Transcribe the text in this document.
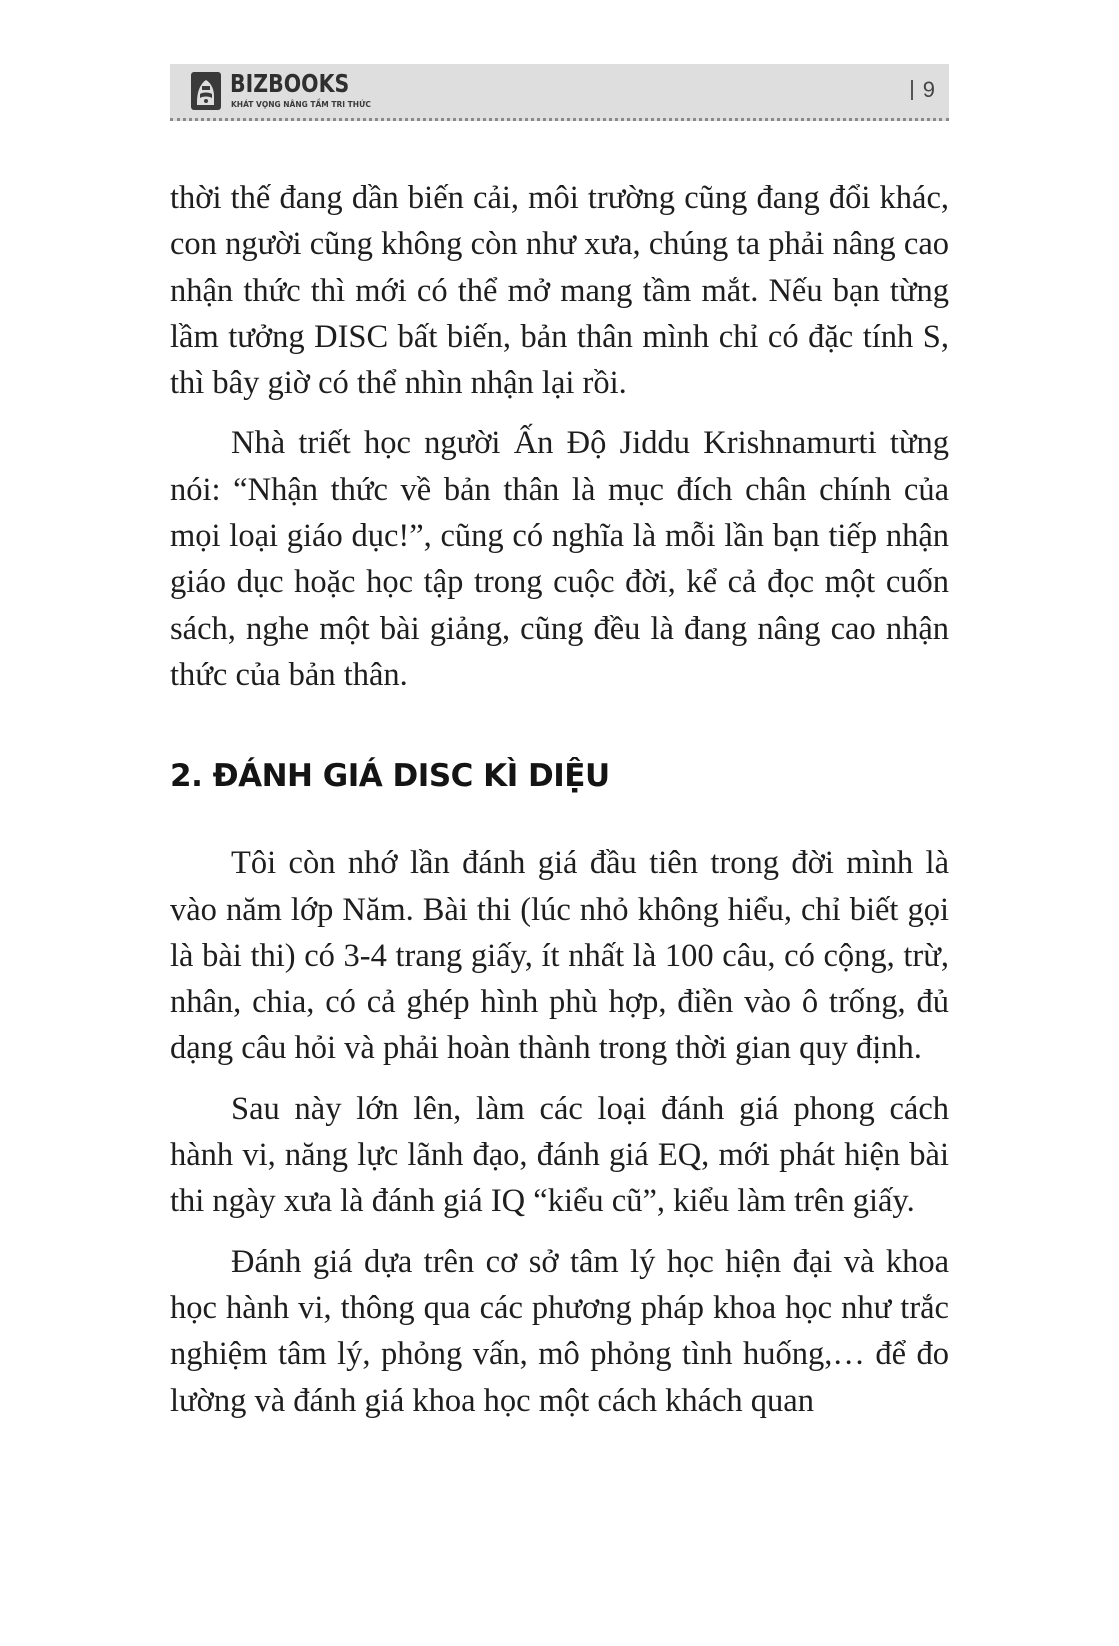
BIZBOOKS
KHÁT VỌNG NÂNG TẦM TRI THỨC
9

thời thế đang dần biến cải, môi trường cũng đang đổi khác, con người cũng không còn như xưa, chúng ta phải nâng cao nhận thức thì mới có thể mở mang tầm mắt. Nếu bạn từng lầm tưởng DISC bất biến, bản thân mình chỉ có đặc tính S, thì bây giờ có thể nhìn nhận lại rồi.

Nhà triết học người Ấn Độ Jiddu Krishnamurti từng nói: “Nhận thức về bản thân là mục đích chân chính của mọi loại giáo dục!”, cũng có nghĩa là mỗi lần bạn tiếp nhận giáo dục hoặc học tập trong cuộc đời, kể cả đọc một cuốn sách, nghe một bài giảng, cũng đều là đang nâng cao nhận thức của bản thân.

2. ĐÁNH GIÁ DISC KÌ DIỆU

Tôi còn nhớ lần đánh giá đầu tiên trong đời mình là vào năm lớp Năm. Bài thi (lúc nhỏ không hiểu, chỉ biết gọi là bài thi) có 3-4 trang giấy, ít nhất là 100 câu, có cộng, trừ, nhân, chia, có cả ghép hình phù hợp, điền vào ô trống, đủ dạng câu hỏi và phải hoàn thành trong thời gian quy định.

Sau này lớn lên, làm các loại đánh giá phong cách hành vi, năng lực lãnh đạo, đánh giá EQ, mới phát hiện bài thi ngày xưa là đánh giá IQ “kiểu cũ”, kiểu làm trên giấy.

Đánh giá dựa trên cơ sở tâm lý học hiện đại và khoa học hành vi, thông qua các phương pháp khoa học như trắc nghiệm tâm lý, phỏng vấn, mô phỏng tình huống,… để đo lường và đánh giá khoa học một cách khách quan
